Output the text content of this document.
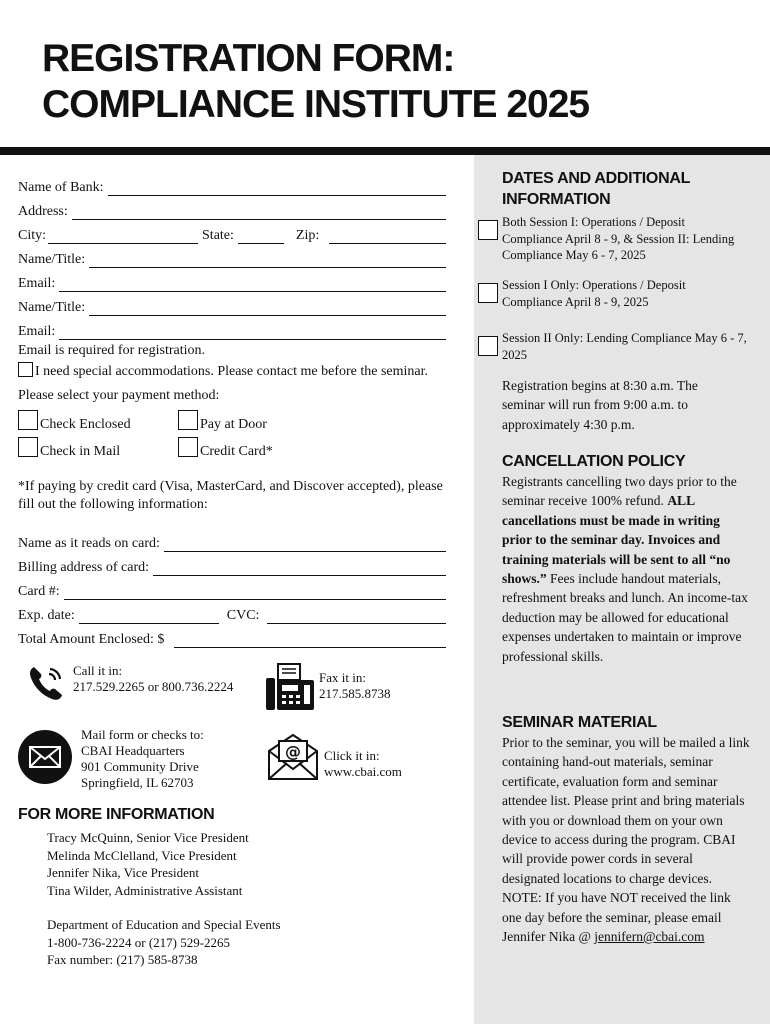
REGISTRATION FORM:
COMPLIANCE INSTITUTE 2025
Name of Bank:
Address:
City:	State:	Zip:
Name/Title:
Email:
Name/Title:
Email:
Email is required for registration.
I need special accommodations. Please contact me before the seminar.
Please select your payment method:
Check Enclosed	Pay at Door
Check in Mail	Credit Card*
*If paying by credit card (Visa, MasterCard, and Discover accepted), please fill out the following information:
Name as it reads on card:
Billing address of card:
Card #:
Exp. date:	CVC:
Total Amount Enclosed: $
Call it in:
217.529.2265 or 800.736.2224
Fax it in:
217.585.8738
Mail form or checks to:
CBAI Headquarters
901 Community Drive
Springfield, IL 62703
@ Click it in:
www.cbai.com
FOR MORE INFORMATION
Tracy McQuinn, Senior Vice President
Melinda McClelland, Vice President
Jennifer Nika, Vice President
Tina Wilder, Administrative Assistant
Department of Education and Special Events
1-800-736-2224 or (217) 529-2265
Fax number: (217) 585-8738
DATES AND ADDITIONAL INFORMATION
Both Session I: Operations / Deposit Compliance April 8 - 9, & Session II: Lending Compliance May 6 - 7, 2025
Session I Only: Operations / Deposit Compliance April 8 - 9, 2025
Session II Only: Lending Compliance May 6 - 7, 2025
Registration begins at 8:30 a.m. The seminar will run from 9:00 a.m. to approximately 4:30 p.m.
CANCELLATION POLICY
Registrants cancelling two days prior to the seminar receive 100% refund. ALL cancellations must be made in writing prior to the seminar day. Invoices and training materials will be sent to all “no shows.” Fees include handout materials, refreshment breaks and lunch. An income-tax deduction may be allowed for educational expenses undertaken to maintain or improve professional skills.
SEMINAR MATERIAL
Prior to the seminar, you will be mailed a link containing hand-out materials, seminar certificate, evaluation form and seminar attendee list. Please print and bring materials with you or download them on your own device to access during the program. CBAI will provide power cords in several designated locations to charge devices. NOTE: If you have NOT received the link one day before the seminar, please email Jennifer Nika @ jennifern@cbai.com
